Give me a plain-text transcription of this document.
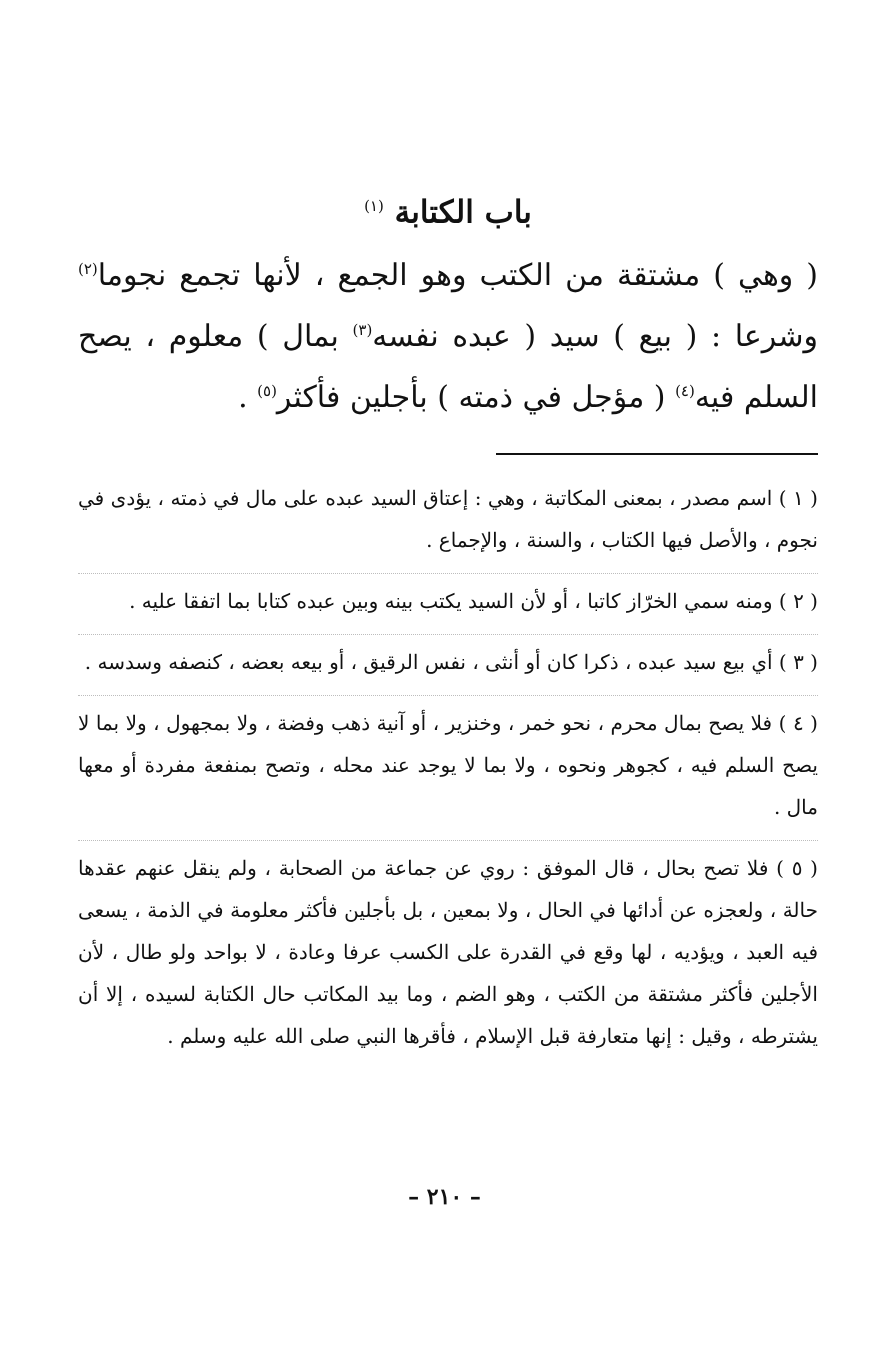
باب الكتابة $^{(١)}$

( وهي ) مشتقة من الكتب وهو الجمع ، لأنها تجمع نجوما$^{(٢)}$ وشرعا : ( بيع ) سيد ( عبده نفسه$^{(٣)}$ بمال ) معلوم ، يصح السلم فيه$^{(٤)}$ ( مؤجل في ذمته ) بأجلين فأكثر$^{(٥)}$ .

( ١ ) اسم مصدر ، بمعنى المكاتبة ، وهي : إعتاق السيد عبده على مال في ذمته ، يؤدى في نجوم ، والأصل فيها الكتاب ، والسنة ، والإجماع .

( ٢ ) ومنه سمي الخرّاز كاتبا ، أو لأن السيد يكتب بينه وبين عبده كتابا بما اتفقا عليه .

( ٣ ) أي بيع سيد عبده ، ذكرا كان أو أنثى ، نفس الرقيق ، أو بيعه بعضه ، كنصفه وسدسه .

( ٤ ) فلا يصح بمال محرم ، نحو خمر ، وخنزير ، أو آنية ذهب وفضة ، ولا بمجهول ، ولا بما لا يصح السلم فيه ، كجوهر ونحوه ، ولا بما لا يوجد عند محله ، وتصح بمنفعة مفردة أو معها مال .

( ٥ ) فلا تصح بحال ، قال الموفق : روي عن جماعة من الصحابة ، ولم ينقل عنهم عقدها حالة ، ولعجزه عن أدائها في الحال ، ولا بمعين ، بل بأجلين فأكثر معلومة في الذمة ، يسعى فيه العبد ، ويؤديه ، لها وقع في القدرة على الكسب عرفا وعادة ، لا بواحد ولو طال ، لأن الأجلين فأكثر مشتقة من الكتب ، وهو الضم ، وما بيد المكاتب حال الكتابة لسيده ، إلا أن يشترطه ، وقيل : إنها متعارفة قبل الإسلام ، فأقرها النبي صلى الله عليه وسلم .

– ٢١٠ –
